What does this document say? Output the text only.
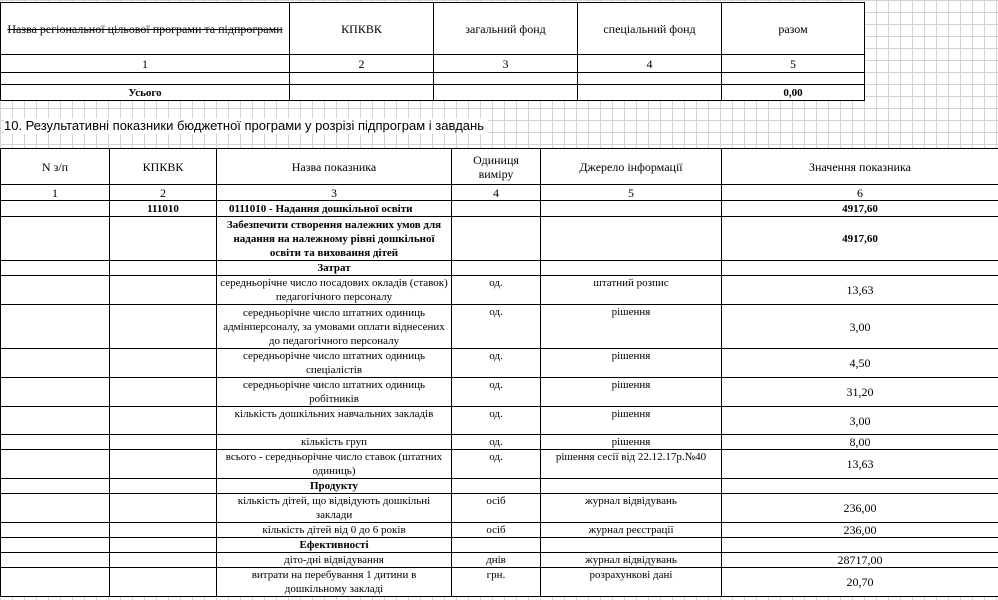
Назва регіональної цільової програми та підпрограми	КПКВК	загальний фонд	спеціальний фонд	разом
1	2	3	4	5

Усього				0,00
10. Результативні показники бюджетної програми у розрізі підпрограм і завдань
N з/п	КПКВК	Назва показника	Одиниця виміру	Джерело інформації	Значення показника
1	2	3	4	5	6
	111010	0111010 - Надання дошкільної освіти			4917,60
		Забезпечити створення належних умов для надання на належному рівні дошкільної освіти та виховання дітей			4917,60
		Затрат			
		середньорічне число посадових окладів (ставок) педагогічного персоналу	од.	штатний розпис	13,63
		середньорічне число штатних одиниць адмінперсоналу, за умовами оплати віднесених до педагогічного персоналу	од.	рішення	3,00
		середньорічне число штатних одиниць спеціалістів	од.	рішення	4,50
		середньорічне число штатних одиниць робітників	од.	рішення	31,20
		кількість дошкільних навчальних закладів	од.	рішення	3,00
		кількість груп	од.	рішення	8,00
		всього - середньорічне число ставок (штатних одиниць)	од.	рішення сесії від 22.12.17р.№40	13,63
		Продукту			
		кількість дітей, що відвідують дошкільні заклади	осіб	журнал відвідувань	236,00
		кількість дітей від 0 до 6 років	осіб	журнал реєстрації	236,00
		Ефективності			
		діто-дні відвідування	днів	журнал відвідувань	28717,00
		витрати на перебування 1 дитини в дошкільному закладі	грн.	розрахункові дані	20,70
